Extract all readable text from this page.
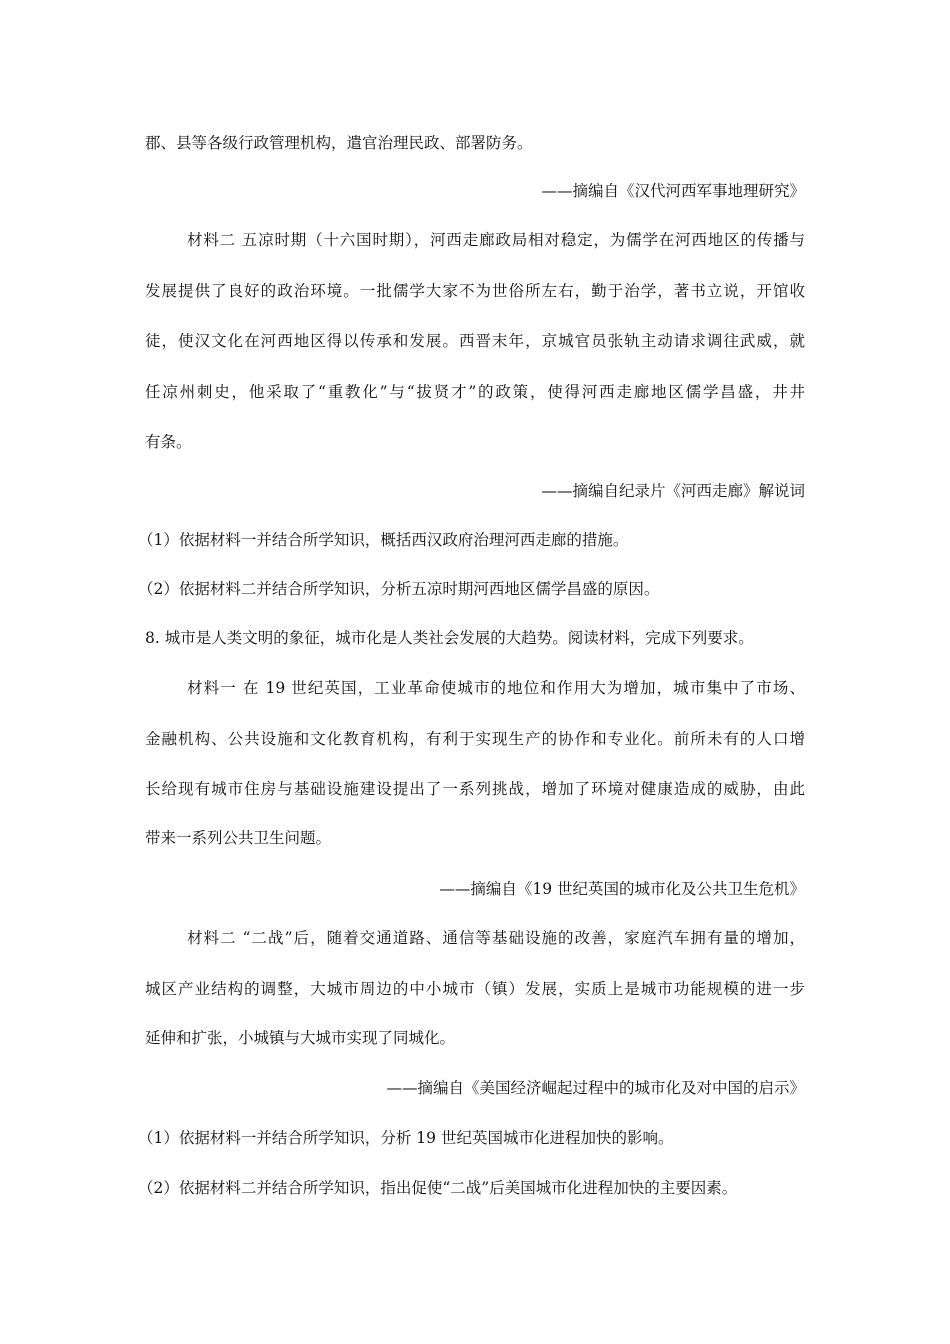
郡、县等各级行政管理机构，遣官治理民政、部署防务。
——摘编自《汉代河西军事地理研究》
材料二 五凉时期（十六国时期），河西走廊政局相对稳定，为儒学在河西地区的传播与
发展提供了良好的政治环境。一批儒学大家不为世俗所左右，勤于治学，著书立说，开馆收
徒，使汉文化在河西地区得以传承和发展。西晋末年，京城官员张轨主动请求调往武威，就
任凉州刺史，他采取了“重教化”与“拔贤才”的政策，使得河西走廊地区儒学昌盛，井井
有条。
——摘编自纪录片《河西走廊》解说词
（1）依据材料一并结合所学知识，概括西汉政府治理河西走廊的措施。
（2）依据材料二并结合所学知识，分析五凉时期河西地区儒学昌盛的原因。
8. 城市是人类文明的象征，城市化是人类社会发展的大趋势。阅读材料，完成下列要求。
材料一 在 19 世纪英国，工业革命使城市的地位和作用大为增加，城市集中了市场、
金融机构、公共设施和文化教育机构，有利于实现生产的协作和专业化。前所未有的人口增
长给现有城市住房与基础设施建设提出了一系列挑战，增加了环境对健康造成的威胁，由此
带来一系列公共卫生问题。
——摘编自《19 世纪英国的城市化及公共卫生危机》
材料二 “二战”后，随着交通道路、通信等基础设施的改善，家庭汽车拥有量的增加，
城区产业结构的调整，大城市周边的中小城市（镇）发展，实质上是城市功能规模的进一步
延伸和扩张，小城镇与大城市实现了同城化。
——摘编自《美国经济崛起过程中的城市化及对中国的启示》
（1）依据材料一并结合所学知识，分析 19 世纪英国城市化进程加快的影响。
（2）依据材料二并结合所学知识，指出促使“二战”后美国城市化进程加快的主要因素。
